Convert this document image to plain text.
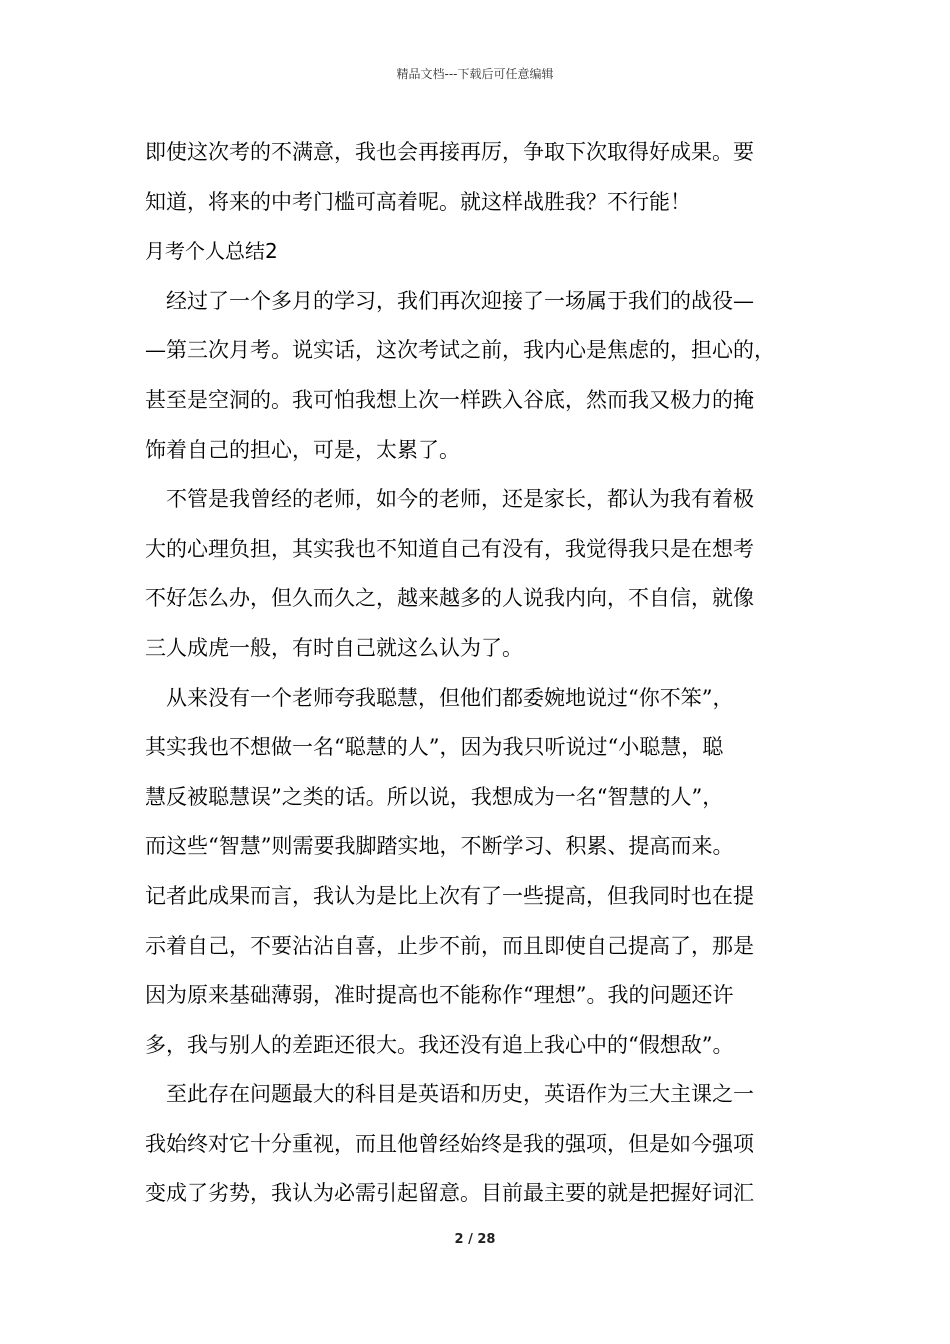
精品文档---下载后可任意编辑
即使这次考的不满意，我也会再接再厉，争取下次取得好成果。要
知道，将来的中考门槛可高着呢。就这样战胜我？不行能！
月考个人总结2
经过了一个多月的学习，我们再次迎接了一场属于我们的战役—
—第三次月考。说实话，这次考试之前，我内心是焦虑的，担心的，
甚至是空洞的。我可怕我想上次一样跌入谷底，然而我又极力的掩
饰着自己的担心，可是，太累了。
不管是我曾经的老师，如今的老师，还是家长，都认为我有着极
大的心理负担，其实我也不知道自己有没有，我觉得我只是在想考
不好怎么办，但久而久之，越来越多的人说我内向，不自信，就像
三人成虎一般，有时自己就这么认为了。
从来没有一个老师夸我聪慧，但他们都委婉地说过“你不笨”，
其实我也不想做一名“聪慧的人”，因为我只听说过“小聪慧，聪
慧反被聪慧误”之类的话。所以说，我想成为一名“智慧的人”，
而这些“智慧”则需要我脚踏实地，不断学习、积累、提高而来。
记者此成果而言，我认为是比上次有了一些提高，但我同时也在提
示着自己，不要沾沾自喜，止步不前，而且即使自己提高了，那是
因为原来基础薄弱，准时提高也不能称作“理想”。我的问题还许
多，我与别人的差距还很大。我还没有追上我心中的“假想敌”。
至此存在问题最大的科目是英语和历史，英语作为三大主课之一
我始终对它十分重视，而且他曾经始终是我的强项，但是如今强项
变成了劣势，我认为必需引起留意。目前最主要的就是把握好词汇
2 / 28
